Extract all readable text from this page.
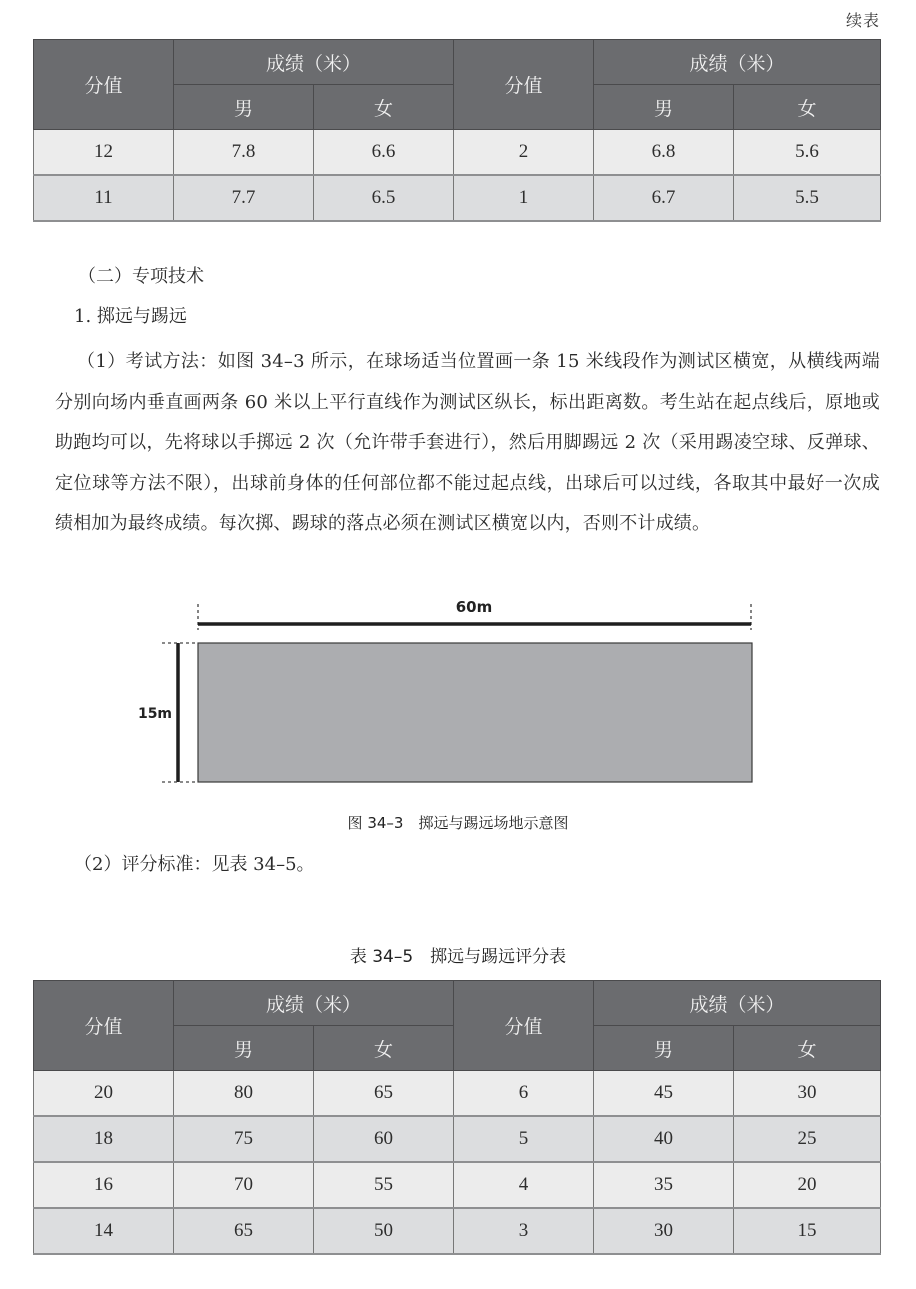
续表
分值	成绩（米）		分值	成绩（米）	
	男	女		男	女
12	7.8	6.6	2	6.8	5.6
11	7.7	6.5	1	6.7	5.5
（二）专项技术
1. 掷远与踢远
（1）考试方法：如图 34–3 所示，在球场适当位置画一条 15 米线段作为测试区横宽，从横线两端分别向场内垂直画两条 60 米以上平行直线作为测试区纵长，标出距离数。考生站在起点线后，原地或助跑均可以，先将球以手掷远 2 次（允许带手套进行），然后用脚踢远 2 次（采用踢凌空球、反弹球、定位球等方法不限），出球前身体的任何部位都不能过起点线，出球后可以过线，各取其中最好一次成绩相加为最终成绩。每次掷、踢球的落点必须在测试区横宽以内，否则不计成绩。
60m
15m
图 34–3　掷远与踢远场地示意图
（2）评分标准：见表 34–5。
表 34–5　掷远与踢远评分表
分值	成绩（米）		分值	成绩（米）	
	男	女		男	女
20	80	65	6	45	30
18	75	60	5	40	25
16	70	55	4	35	20
14	65	50	3	30	15
